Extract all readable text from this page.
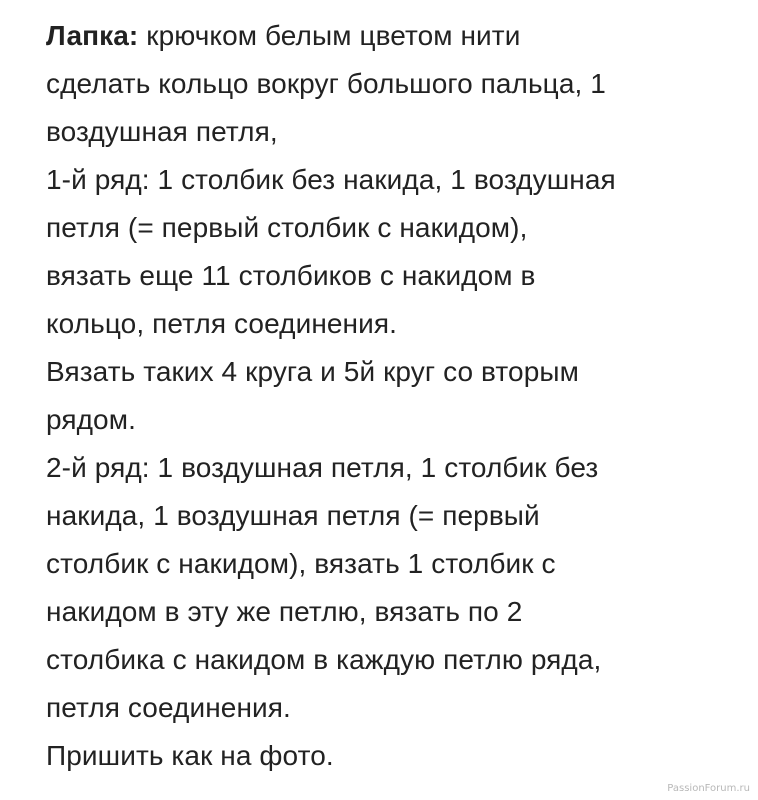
Лапка: крючком белым цветом нити
сделать кольцо вокруг большого пальца, 1
воздушная петля,
1-й ряд: 1 столбик без накида, 1 воздушная
петля (= первый столбик с накидом),
вязать еще 11 столбиков с накидом в
кольцо, петля соединения.
Вязать таких 4 круга и 5й круг со вторым
рядом.
2-й ряд: 1 воздушная петля, 1 столбик без
накида, 1 воздушная петля (= первый
столбик с накидом), вязать 1 столбик с
накидом в эту же петлю, вязать по 2
столбика с накидом в каждую петлю ряда,
петля соединения.
Пришить как на фото.
PassionForum.ru
